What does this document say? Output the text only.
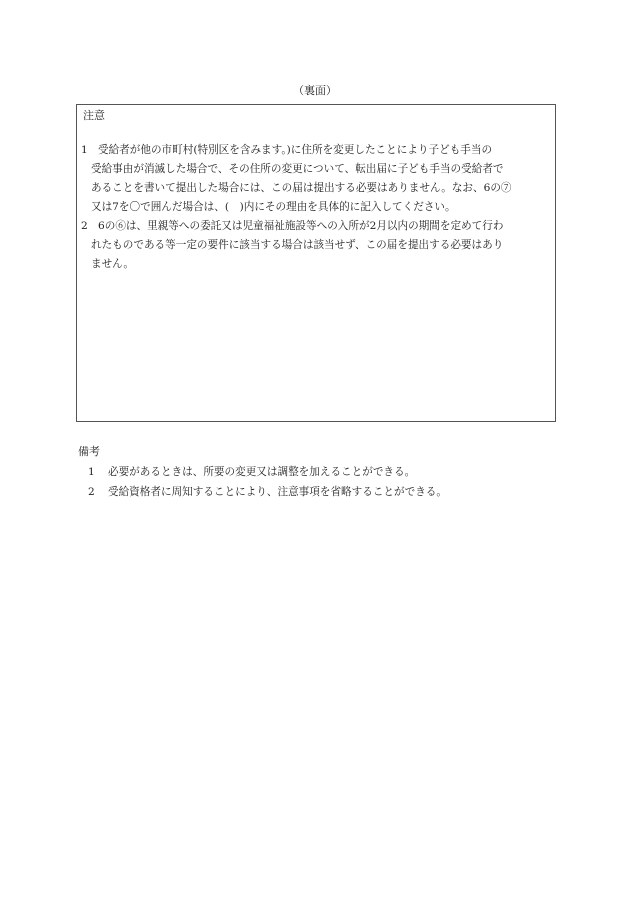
（裏面）
注意
1 受給者が他の市町村(特別区を含みます。)に住所を変更したことにより子ども手当の
受給事由が消滅した場合で、その住所の変更について、転出届に子ども手当の受給者で
あることを書いて提出した場合には、この届は提出する必要はありません。なお、6の⑦
又は7を〇で囲んだ場合は、(　)内にその理由を具体的に記入してください。
2 6の⑥は、里親等への委託又は児童福祉施設等への入所が2月以内の期間を定めて行わ
れたものである等一定の要件に該当する場合は該当せず、この届を提出する必要はあり
ません。
備考
1 必要があるときは、所要の変更又は調整を加えることができる。
2 受給資格者に周知することにより、注意事項を省略することができる。
